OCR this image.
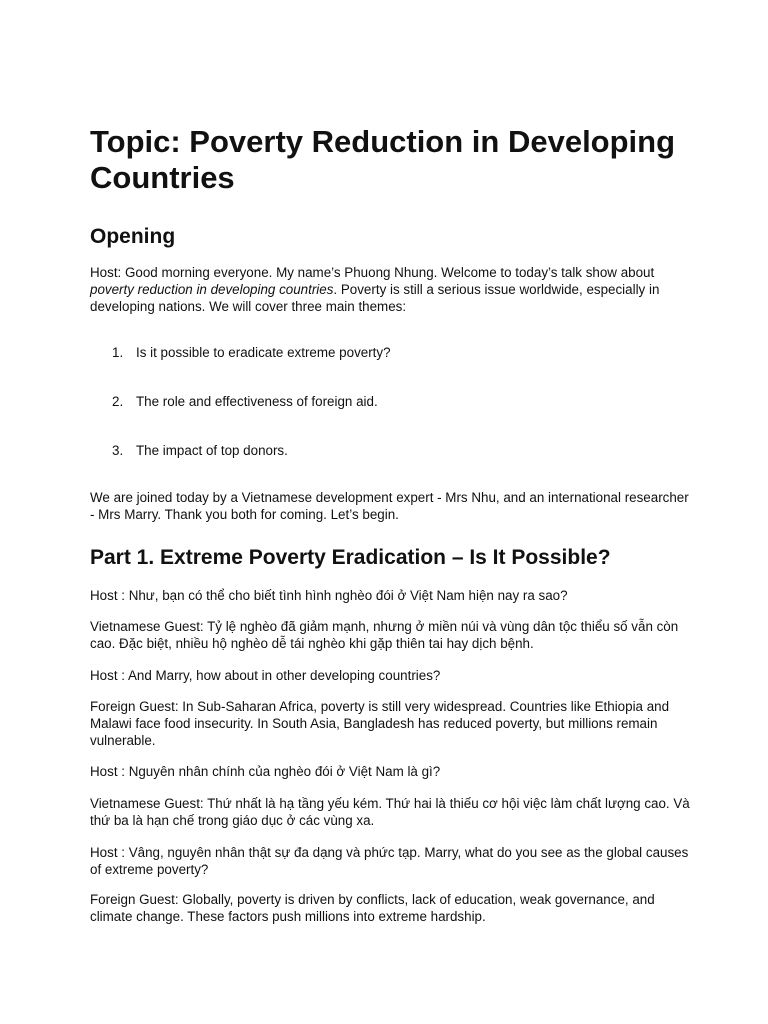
Topic: Poverty Reduction in Developing Countries
Opening

Host: Good morning everyone. My name’s Phuong Nhung. Welcome to today’s talk show about poverty reduction in developing countries. Poverty is still a serious issue worldwide, especially in developing nations. We will cover three main themes:

1. Is it possible to eradicate extreme poverty?
2. The role and effectiveness of foreign aid.
3. The impact of top donors.

We are joined today by a Vietnamese development expert - Mrs Nhu, and an international researcher - Mrs Marry. Thank you both for coming. Let’s begin.

Part 1. Extreme Poverty Eradication – Is It Possible?

Host : Như, bạn có thể cho biết tình hình nghèo đói ở Việt Nam hiện nay ra sao?

Vietnamese Guest: Tỷ lệ nghèo đã giảm mạnh, nhưng ở miền núi và vùng dân tộc thiểu số vẫn còn cao. Đặc biệt, nhiều hộ nghèo dễ tái nghèo khi gặp thiên tai hay dịch bệnh.

Host : And Marry, how about in other developing countries?

Foreign Guest: In Sub-Saharan Africa, poverty is still very widespread. Countries like Ethiopia and Malawi face food insecurity. In South Asia, Bangladesh has reduced poverty, but millions remain vulnerable.

Host : Nguyên nhân chính của nghèo đói ở Việt Nam là gì?

Vietnamese Guest: Thứ nhất là hạ tầng yếu kém. Thứ hai là thiếu cơ hội việc làm chất lượng cao. Và thứ ba là hạn chế trong giáo dục ở các vùng xa.

Host : Vâng, nguyên nhân thật sự đa dạng và phức tạp. Marry, what do you see as the global causes of extreme poverty?

Foreign Guest: Globally, poverty is driven by conflicts, lack of education, weak governance, and climate change. These factors push millions into extreme hardship.
